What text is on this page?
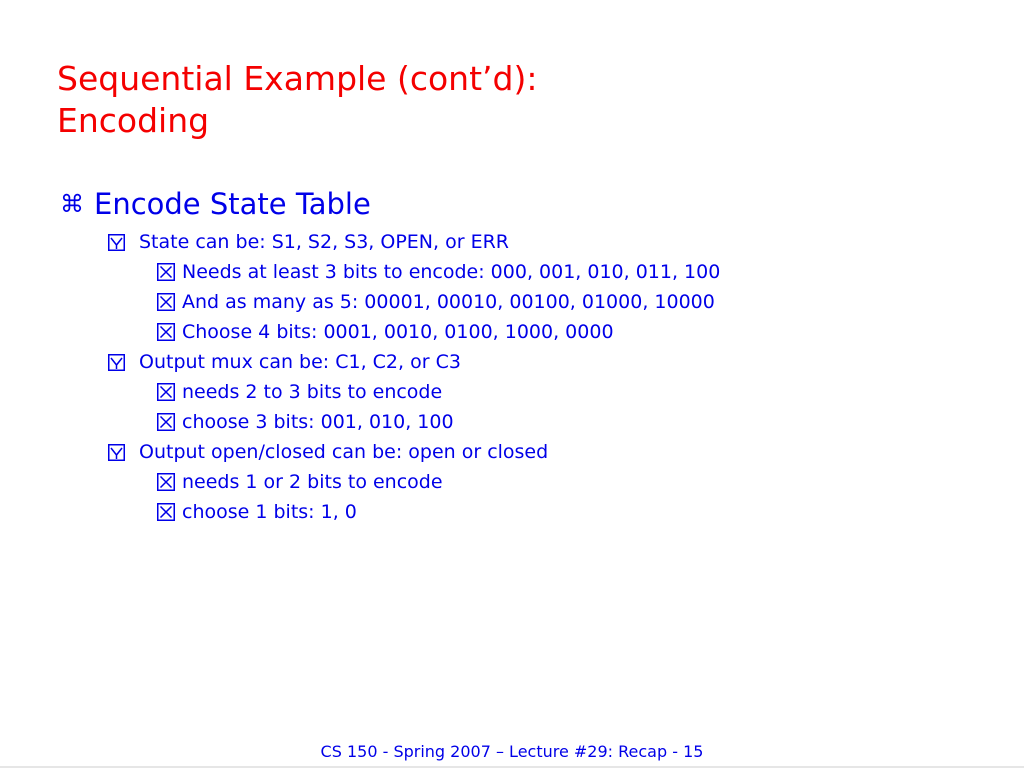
Sequential Example (cont’d):
Encoding
⌘ Encode State Table
State can be: S1, S2, S3, OPEN, or ERR
Needs at least 3 bits to encode: 000, 001, 010, 011, 100
And as many as 5: 00001, 00010, 00100, 01000, 10000
Choose 4 bits: 0001, 0010, 0100, 1000, 0000
Output mux can be: C1, C2, or C3
needs 2 to 3 bits to encode
choose 3 bits: 001, 010, 100
Output open/closed can be: open or closed
needs 1 or 2 bits to encode
choose 1 bits: 1, 0
CS 150 - Spring 2007 – Lecture #29: Recap - 15
